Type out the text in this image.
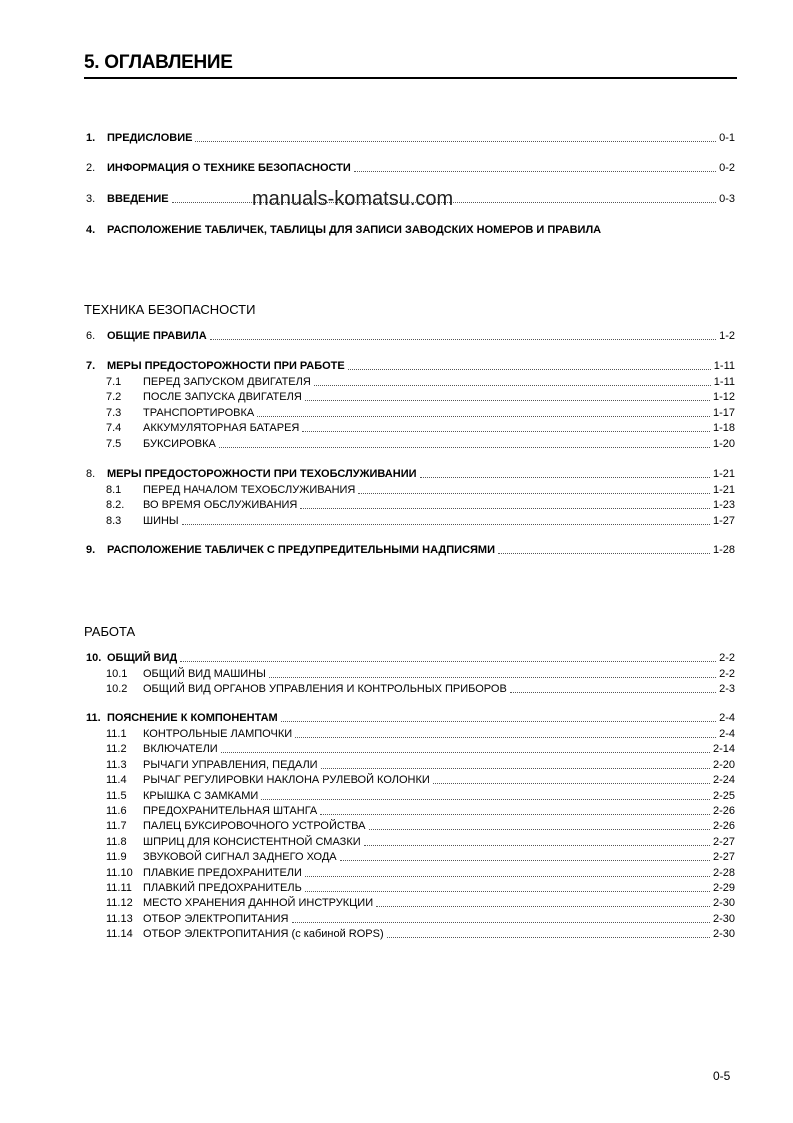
5. ОГЛАВЛЕНИЕ
1.	ПРЕДИСЛОВИЕ	0-1
2.	ИНФОРМАЦИЯ О ТЕХНИКЕ БЕЗОПАСНОСТИ	0-2
3.	ВВЕДЕНИЕ	0-3
4.	РАСПОЛОЖЕНИЕ ТАБЛИЧЕК, ТАБЛИЦЫ ДЛЯ ЗАПИСИ ЗАВОДСКИХ НОМЕРОВ И ПРАВИЛА
ТЕХНИКА БЕЗОПАСНОСТИ
6.	ОБЩИЕ ПРАВИЛА	1-2
7.	МЕРЫ ПРЕДОСТОРОЖНОСТИ ПРИ РАБОТЕ	1-11
7.1	ПЕРЕД ЗАПУСКОМ ДВИГАТЕЛЯ	1-11
7.2	ПОСЛЕ ЗАПУСКА ДВИГАТЕЛЯ	1-12
7.3	ТРАНСПОРТИРОВКА	1-17
7.4	АККУМУЛЯТОРНАЯ БАТАРЕЯ	1-18
7.5	БУКСИРОВКА	1-20
8.	МЕРЫ ПРЕДОСТОРОЖНОСТИ ПРИ ТЕХОБСЛУЖИВАНИИ	1-21
8.1	ПЕРЕД НАЧАЛОМ ТЕХОБСЛУЖИВАНИЯ	1-21
8.2.	ВО ВРЕМЯ ОБСЛУЖИВАНИЯ	1-23
8.3	ШИНЫ	1-27
9.	РАСПОЛОЖЕНИЕ ТАБЛИЧЕК С ПРЕДУПРЕДИТЕЛЬНЫМИ НАДПИСЯМИ	1-28
РАБОТА
10. ОБЩИЙ ВИД	2-2
10.1	ОБЩИЙ ВИД МАШИНЫ	2-2
10.2	ОБЩИЙ ВИД ОРГАНОВ УПРАВЛЕНИЯ И КОНТРОЛЬНЫХ ПРИБОРОВ	2-3
11. ПОЯСНЕНИЕ К КОМПОНЕНТАМ	2-4
11.1	КОНТРОЛЬНЫЕ ЛАМПОЧКИ	2-4
11.2	ВКЛЮЧАТЕЛИ	2-14
11.3	РЫЧАГИ УПРАВЛЕНИЯ, ПЕДАЛИ	2-20
11.4	РЫЧАГ РЕГУЛИРОВКИ НАКЛОНА РУЛЕВОЙ КОЛОНКИ	2-24
11.5	КРЫШКА С ЗАМКАМИ	2-25
11.6	ПРЕДОХРАНИТЕЛЬНАЯ ШТАНГА	2-26
11.7	ПАЛЕЦ БУКСИРОВОЧНОГО УСТРОЙСТВА	2-26
11.8	ШПРИЦ ДЛЯ КОНСИСТЕНТНОЙ СМАЗКИ	2-27
11.9	ЗВУКОВОЙ СИГНАЛ ЗАДНЕГО ХОДА	2-27
11.10 ПЛАВКИЕ ПРЕДОХРАНИТЕЛИ	2-28
11.11	ПЛАВКИЙ ПРЕДОХРАНИТЕЛЬ	2-29
11.12 МЕСТО ХРАНЕНИЯ ДАННОЙ ИНСТРУКЦИИ	2-30
11.13 ОТБОР ЭЛЕКТРОПИТАНИЯ	2-30
11.14 ОТБОР ЭЛЕКТРОПИТАНИЯ (с кабиной ROPS)	2-30
manuals-komatsu.com
0-5
